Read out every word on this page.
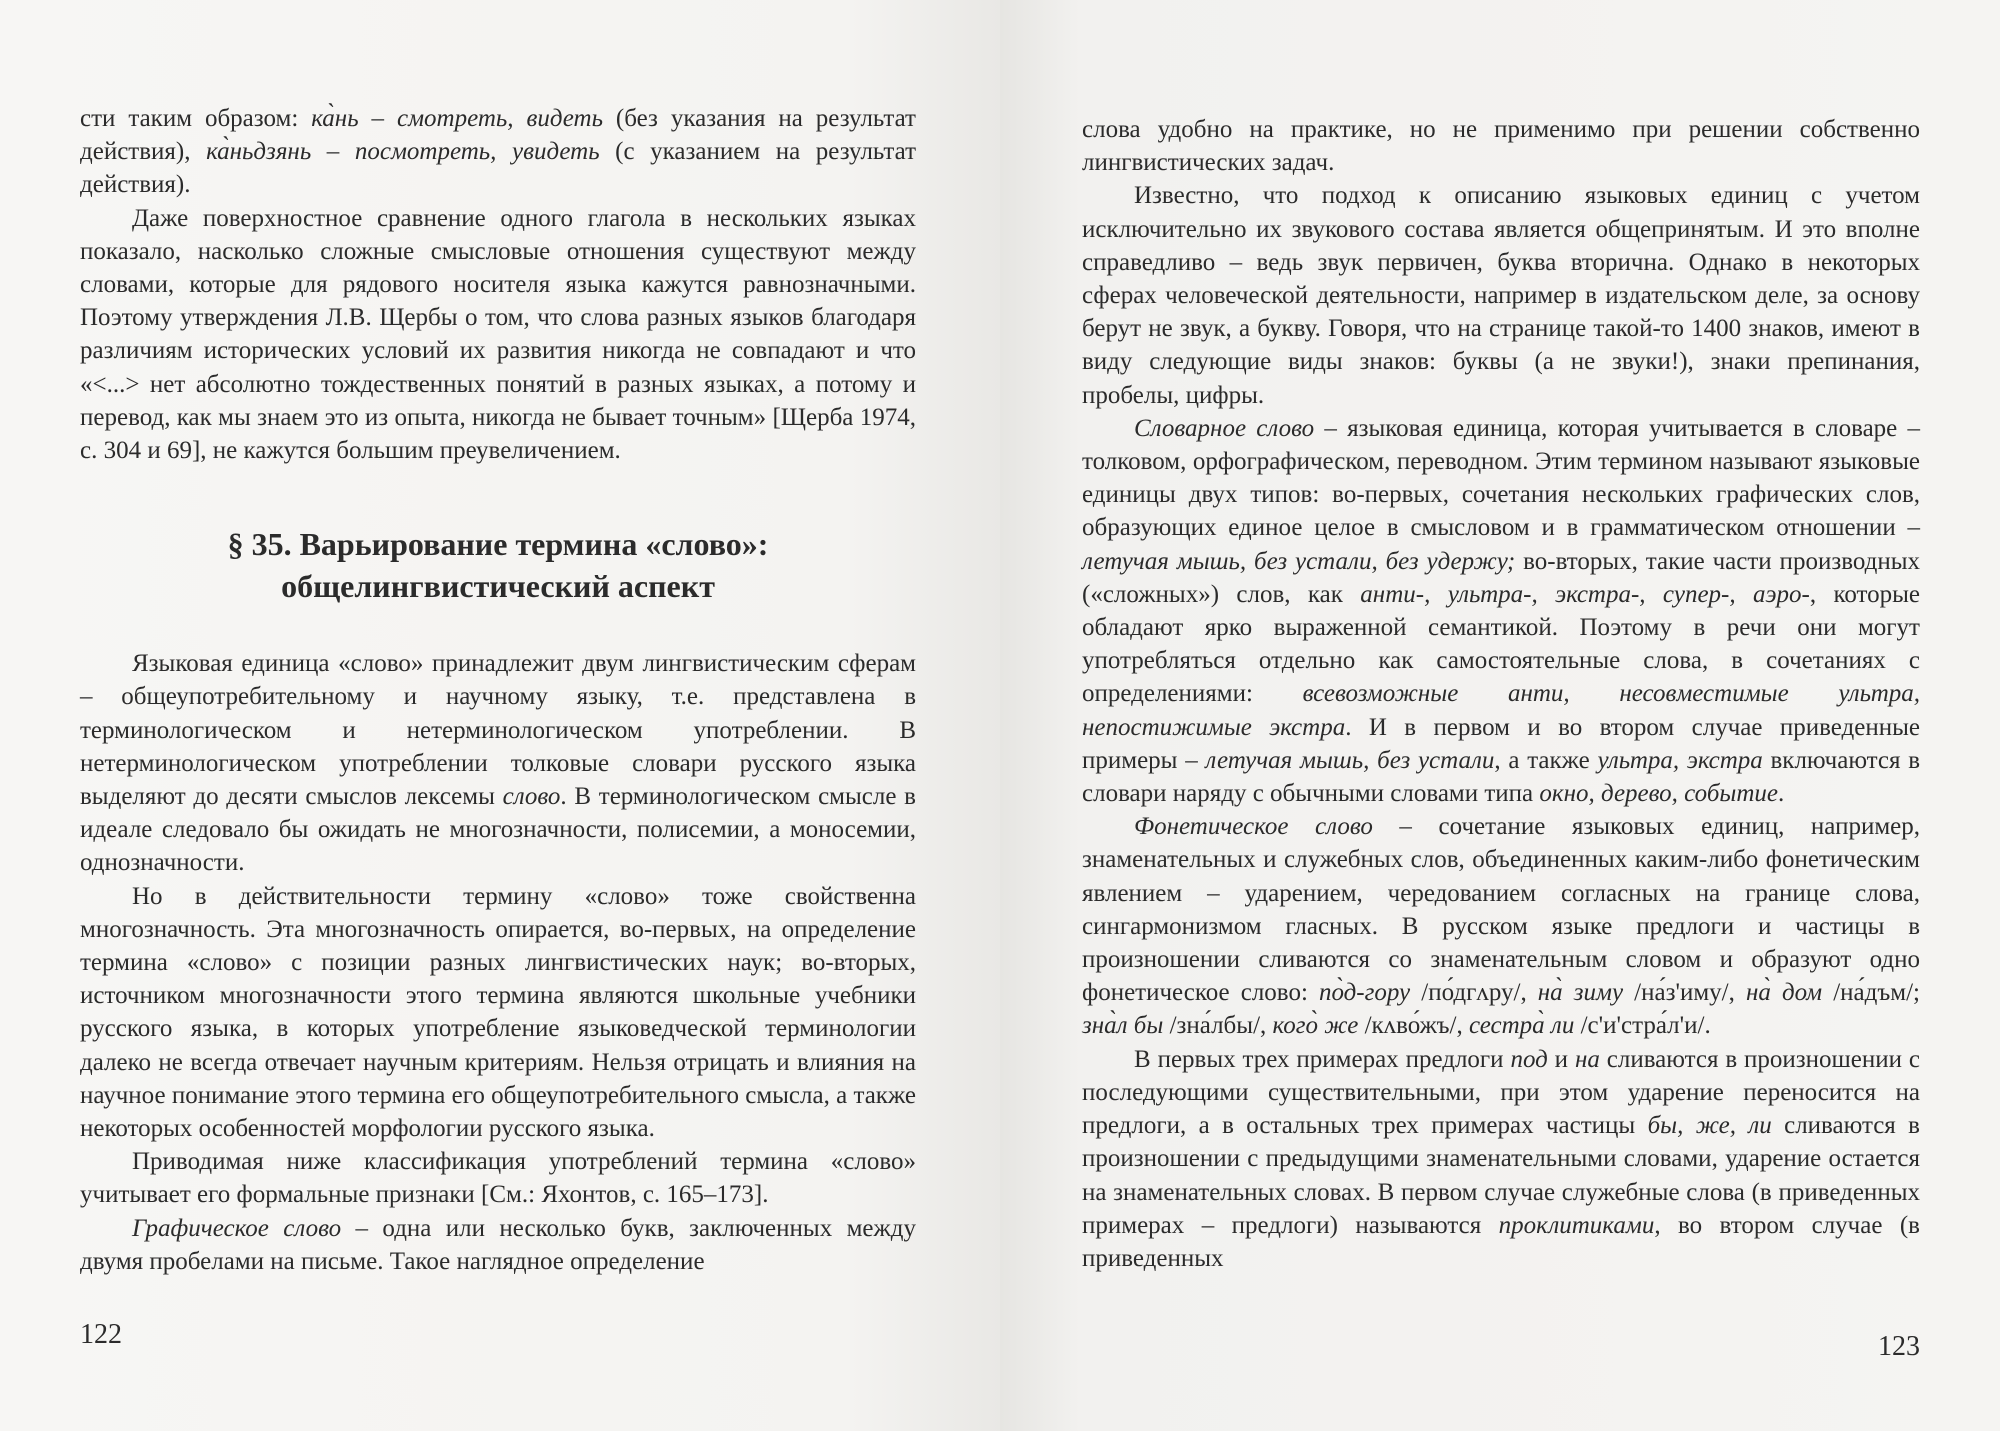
сти таким образом: ка̀нь – смотреть, видеть (без указания на результат действия), ка̀ньдзянь – посмотреть, увидеть (с указанием на результат действия).

Даже поверхностное сравнение одного глагола в нескольких языках показало, насколько сложные смысловые отношения существуют между словами, которые для рядового носителя языка кажутся равнозначными. Поэтому утверждения Л.В. Щербы о том, что слова разных языков благодаря различиям исторических условий их развития никогда не совпадают и что «<...> нет абсолютно тождественных понятий в разных языках, а потому и перевод, как мы знаем это из опыта, никогда не бывает точным» [Щерба 1974, с. 304 и 69], не кажутся большим преувеличением.

§ 35. Варьирование термина «слово»:
общелингвистический аспект

Языковая единица «слово» принадлежит двум лингвистическим сферам – общеупотребительному и научному языку, т.е. представлена в терминологическом и нетерминологическом употреблении. В нетерминологическом употреблении толковые словари русского языка выделяют до десяти смыслов лексемы слово. В терминологическом смысле в идеале следовало бы ожидать не многозначности, полисемии, а моносемии, однозначности.

Но в действительности термину «слово» тоже свойственна многозначность. Эта многозначность опирается, во-первых, на определение термина «слово» с позиции разных лингвистических наук; во-вторых, источником многозначности этого термина являются школьные учебники русского языка, в которых употребление языковедческой терминологии далеко не всегда отвечает научным критериям. Нельзя отрицать и влияния на научное понимание этого термина его общеупотребительного смысла, а также некоторых особенностей морфологии русского языка.

Приводимая ниже классификация употреблений термина «слово» учитывает его формальные признаки [См.: Яхонтов, с. 165–173].

Графическое слово – одна или несколько букв, заключенных между двумя пробелами на письме. Такое наглядное определение

122

слова удобно на практике, но не применимо при решении собственно лингвистических задач.

Известно, что подход к описанию языковых единиц с учетом исключительно их звукового состава является общепринятым. И это вполне справедливо – ведь звук первичен, буква вторична. Однако в некоторых сферах человеческой деятельности, например в издательском деле, за основу берут не звук, а букву. Говоря, что на странице такой-то 1400 знаков, имеют в виду следующие виды знаков: буквы (а не звуки!), знаки препинания, пробелы, цифры.

Словарное слово – языковая единица, которая учитывается в словаре – толковом, орфографическом, переводном. Этим термином называют языковые единицы двух типов: во-первых, сочетания нескольких графических слов, образующих единое целое в смысловом и в грамматическом отношении – летучая мышь, без устали, без удержу; во-вторых, такие части производных («сложных») слов, как анти-, ультра-, экстра-, супер-, аэро-, которые обладают ярко выраженной семантикой. Поэтому в речи они могут употребляться отдельно как самостоятельные слова, в сочетаниях с определениями: всевозможные анти, несовместимые ультра, непостижимые экстра. И в первом и во втором случае приведенные примеры – летучая мышь, без устали, а также ультра, экстра включаются в словари наряду с обычными словами типа окно, дерево, событие.

Фонетическое слово – сочетание языковых единиц, например, знаменательных и служебных слов, объединенных каким-либо фонетическим явлением – ударением, чередованием согласных на границе слова, сингармонизмом гласных. В русском языке предлоги и частицы в произношении сливаются со знаменательным словом и образуют одно фонетическое слово: по̀д-гору /по́дгʌру/, на̀ зиму /на́з'иму/, на̀ дом /на́дъм/; зна̀л бы /зна́лбы/, кого̀ же /кʌво́жъ/, сестра̀ ли /с'и'стра́л'и/.

В первых трех примерах предлоги под и на сливаются в произношении с последующими существительными, при этом ударение переносится на предлоги, а в остальных трех примерах частицы бы, же, ли сливаются в произношении с предыдущими знаменательными словами, ударение остается на знаменательных словах. В первом случае служебные слова (в приведенных примерах – предлоги) называются проклитиками, во втором случае (в приведенных

123
